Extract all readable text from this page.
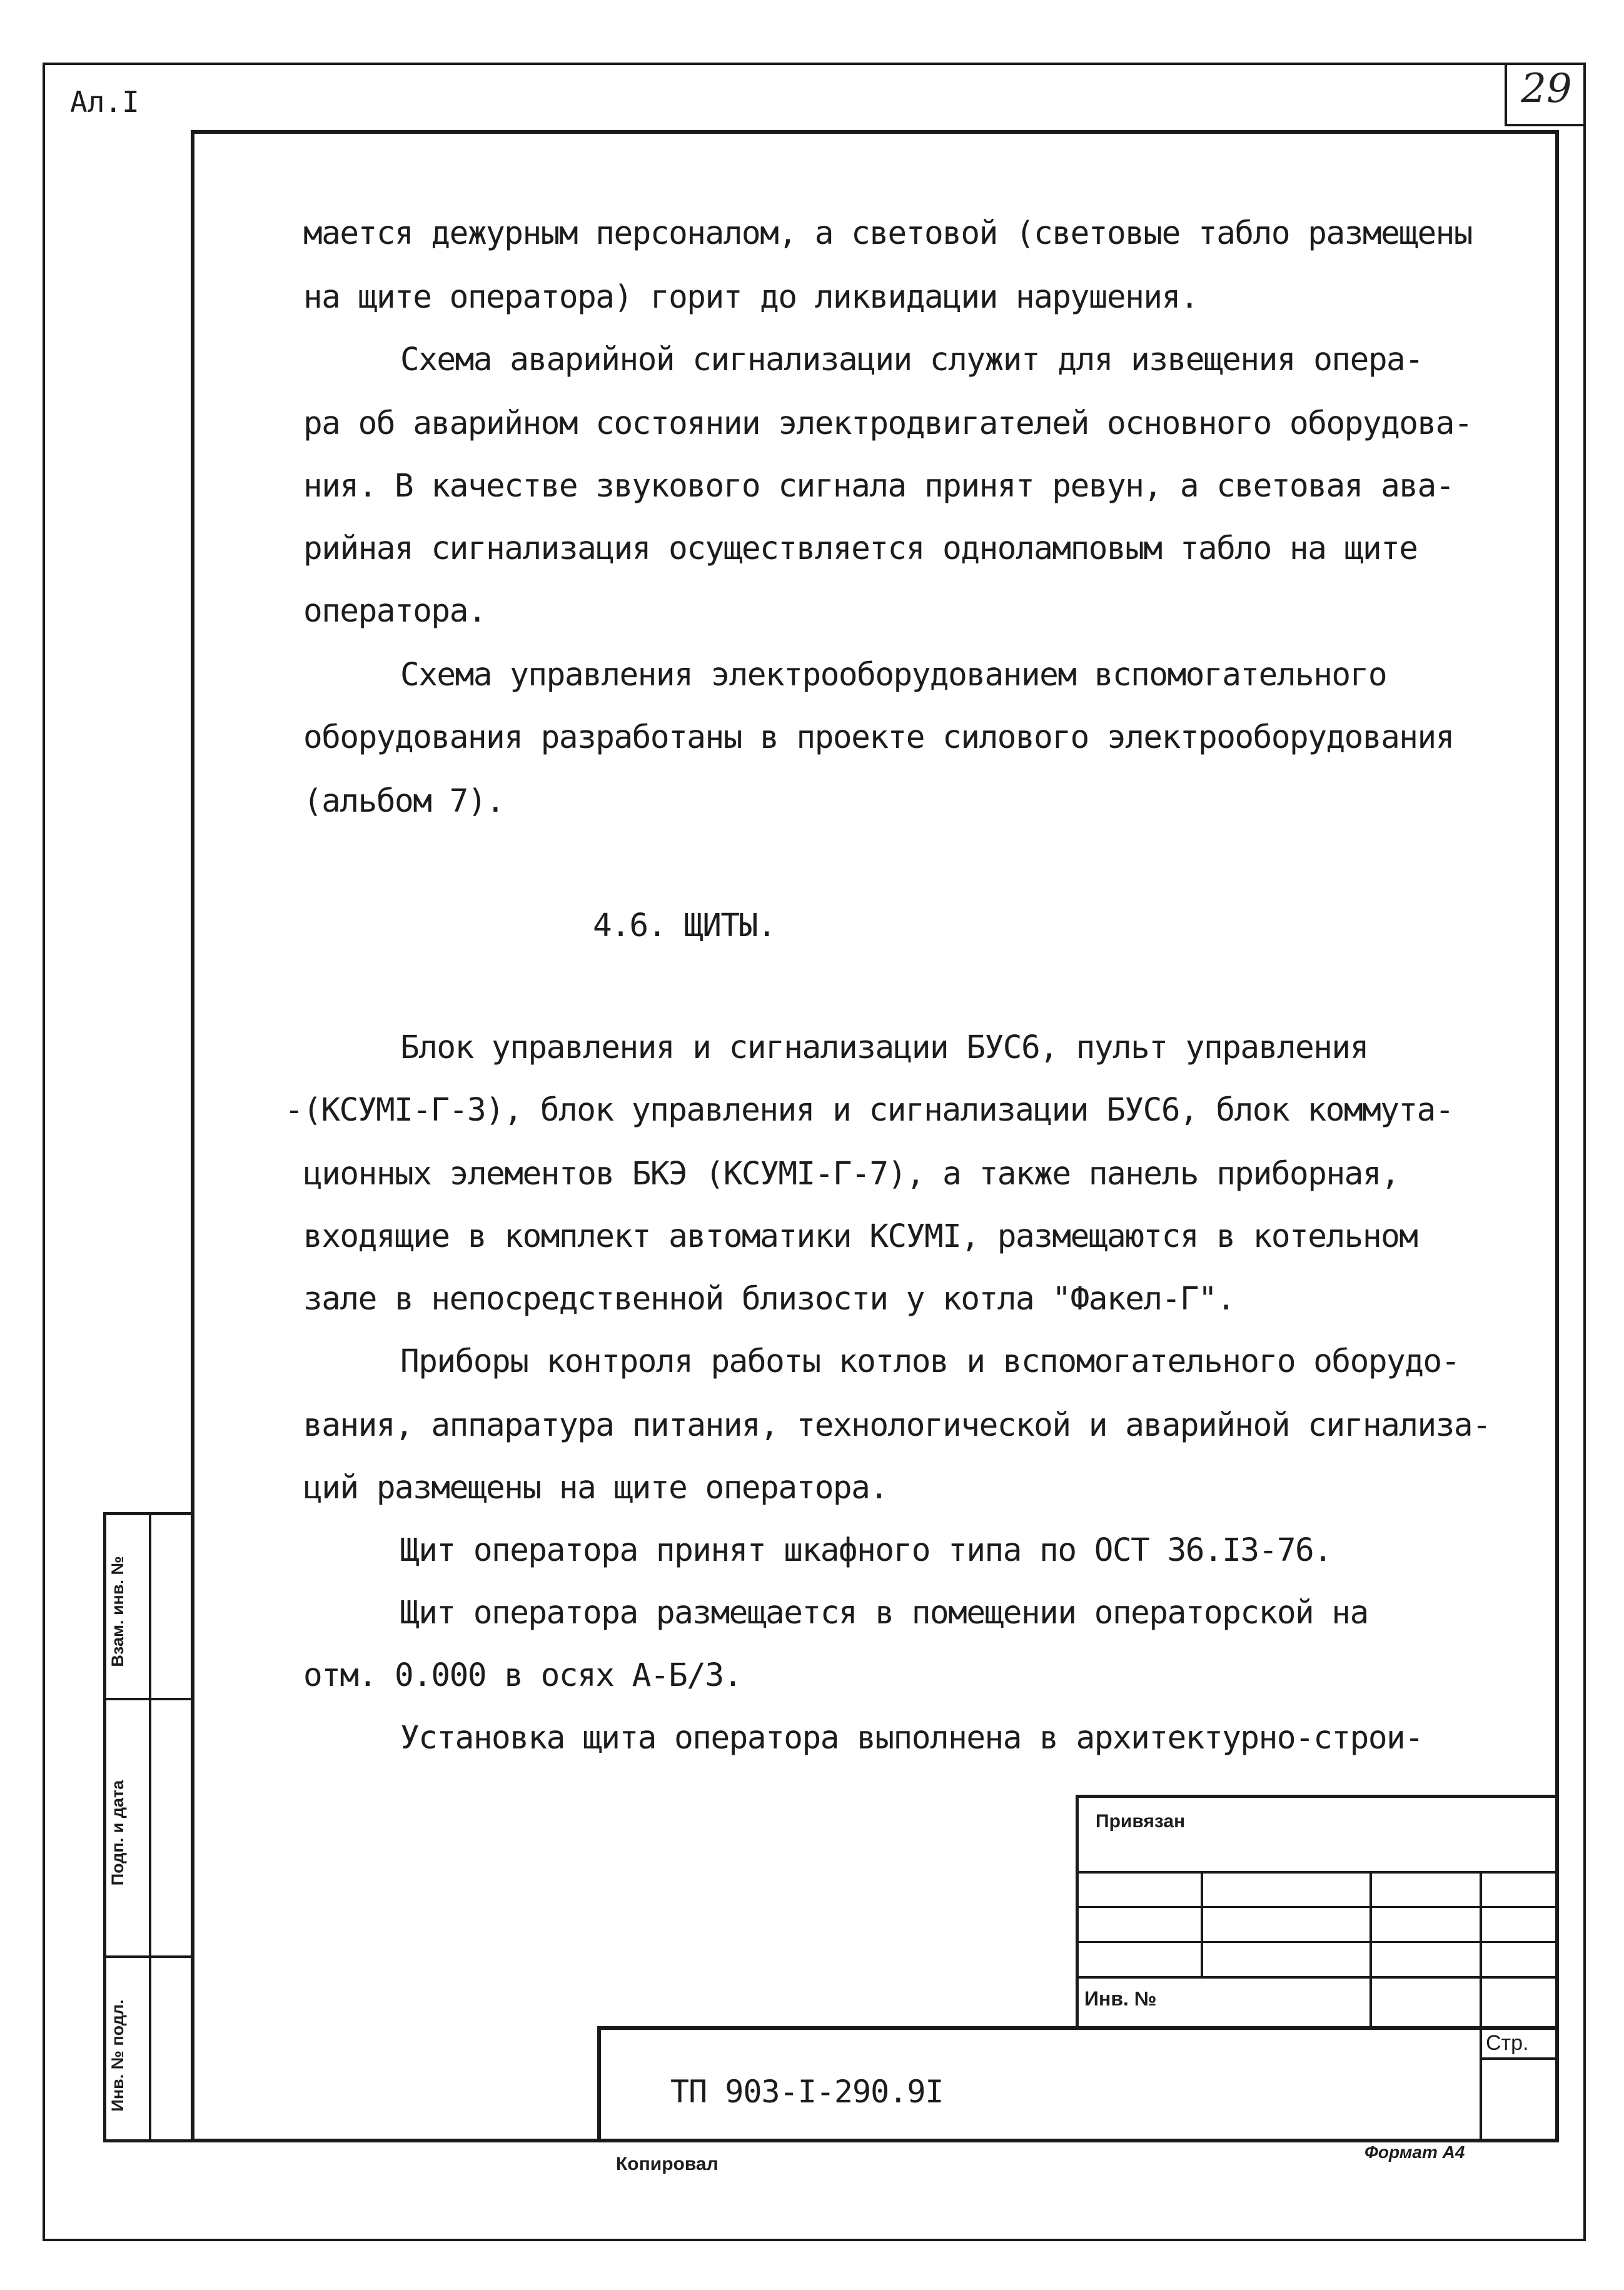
Ал.I	29
Взам. инв. №
Подп. и дата
Инв. № подл.
мается дежурным персоналом, а световой (световые табло размещены
на щите оператора) горит до ликвидации нарушения.
Схема аварийной сигнализации служит для извещения опера-
ра об аварийном состоянии электродвигателей основного оборудова-
ния. В качестве звукового сигнала принят ревун, а световая ава-
рийная сигнализация осуществляется одноламповым табло на щите
оператора.
Схема управления электрооборудованием вспомогательного
оборудования разработаны в проекте силового электрооборудования
(альбом 7).
4.6. ЩИТЫ.
Блок управления и сигнализации БУС6, пульт управления
-(КСУМI-Г-3), блок управления и сигнализации БУС6, блок коммута-
ционных элементов БКЭ (КСУМI-Г-7), а также панель приборная,
входящие в комплект автоматики КСУМI, размещаются в котельном
зале в непосредственной близости у котла "Факел-Г".
Приборы контроля работы котлов и вспомогательного оборудо-
вания, аппаратура питания, технологической и аварийной сигнализа-
ций размещены на щите оператора.
Щит оператора принят шкафного типа по ОСТ 36.I3-76.
Щит оператора размещается в помещении операторской на
отм. 0.000 в осях А-Б/3.
Установка щита оператора выполнена в архитектурно-строи-
Привязан
Инв. №
Стр.
ТП 903-I-290.9I
Копировал
Формат А4
